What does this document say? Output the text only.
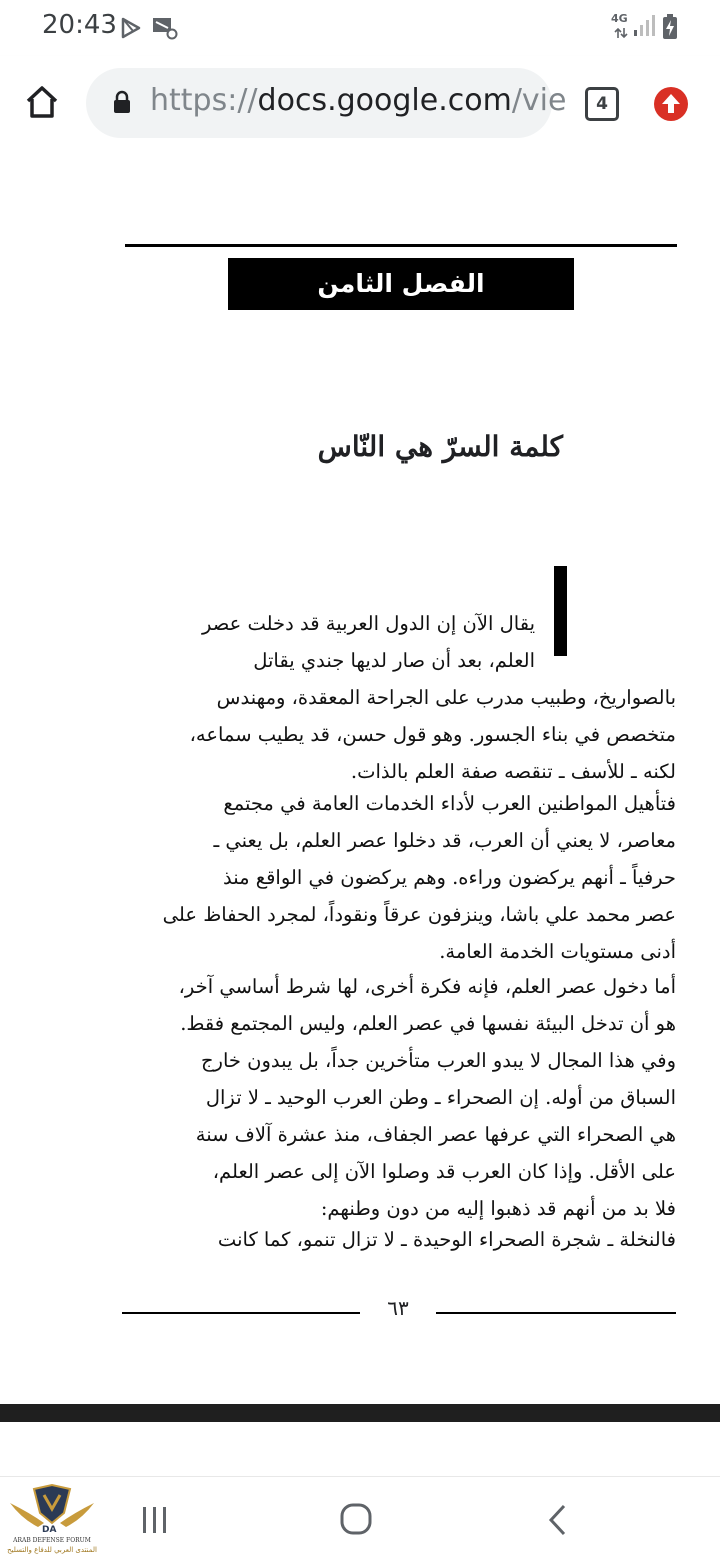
20:43	4G
https://docs.google.com/vie	4
الفصل الثامن
كلمة السرّ هي النّاس
يقال الآن إن الدول العربية قد دخلت عصر
العلم، بعد أن صار لديها جندي يقاتل
بالصواريخ، وطبيب مدرب على الجراحة المعقدة، ومهندس
متخصص في بناء الجسور. وهو قول حسن، قد يطيب سماعه،
لكنه ـ للأسف ـ تنقصه صفة العلم بالذات.
فتأهيل المواطنين العرب لأداء الخدمات العامة في مجتمع
معاصر، لا يعني أن العرب، قد دخلوا عصر العلم، بل يعني ـ
حرفياً ـ أنهم يركضون وراءه. وهم يركضون في الواقع منذ
عصر محمد علي باشا، وينزفون عرقاً ونقوداً، لمجرد الحفاظ على
أدنى مستويات الخدمة العامة.
أما دخول عصر العلم، فإنه فكرة أخرى، لها شرط أساسي آخر،
هو أن تدخل البيئة نفسها في عصر العلم، وليس المجتمع فقط.
وفي هذا المجال لا يبدو العرب متأخرين جداً، بل يبدون خارج
السباق من أوله. إن الصحراء ـ وطن العرب الوحيد ـ لا تزال
هي الصحراء التي عرفها عصر الجفاف، منذ عشرة آلاف سنة
على الأقل. وإذا كان العرب قد وصلوا الآن إلى عصر العلم،
فلا بد من أنهم قد ذهبوا إليه من دون وطنهم:
فالنخلة ـ شجرة الصحراء الوحيدة ـ لا تزال تنمو، كما كانت
٦٣
DA
ARAB DEFENSE FORUM
المنتدى العربي للدفاع والتسليح
